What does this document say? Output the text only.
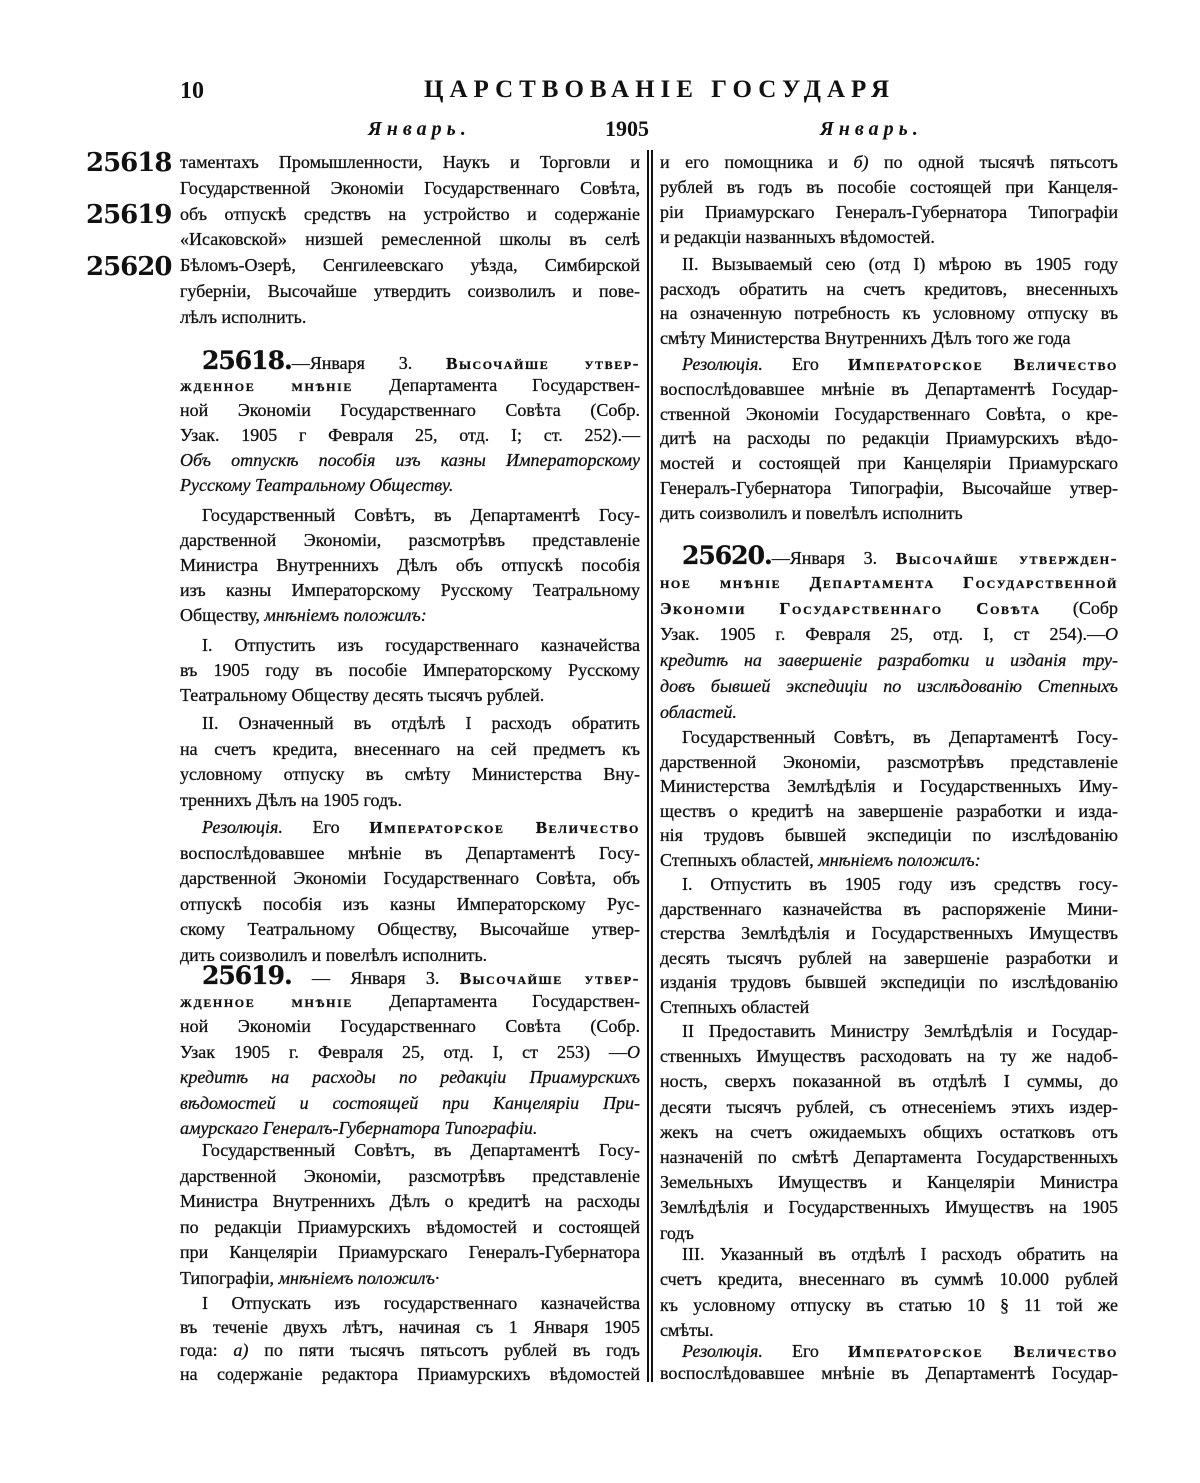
10	ЦАРСТВОВАНІЕ ГОСУДАРЯ
Январь.	1905	Январь.
25618
25619
25620
таментахъ Промышленности, Наукъ и Торговли и
Государственной Экономіи Государственнаго Совѣта,
объ отпускѣ средствъ на устройство и содержаніе
«Исаковской» низшей ремесленной школы въ селѣ
Бѣломъ-Озерѣ, Сенгилеевскаго уѣзда, Симбирской
губерніи, Высочайше утвердить соизволилъ и пове-
лѣлъ исполнить.
25618.—Января 3. Высочайше утвер-
жденное мнѣніе Департамента Государствен-
ной Экономіи Государственнаго Совѣта (Собр.
Узак. 1905 г Февраля 25, отд. I; ст. 252).—
Объ отпускѣ пособія изъ казны Императорскому
Русскому Театральному Обществу.
Государственный Совѣтъ, въ Департаментѣ Госу-
дарственной Экономіи, разсмотрѣвъ представленіе
Министра Внутреннихъ Дѣлъ объ отпускѣ пособія
изъ казны Императорскому Русскому Театральному
Обществу, мнѣніемъ положилъ:
I. Отпустить изъ государственнаго казначейства
въ 1905 году въ пособіе Императорскому Русскому
Театральному Обществу десять тысячъ рублей.
II. Означенный въ отдѣлѣ I расходъ обратить
на счетъ кредита, внесеннаго на сей предметъ къ
условному отпуску въ смѣту Министерства Вну-
треннихъ Дѣлъ на 1905 годъ.
Резолюція. Его Императорское Величество
воспослѣдовавшее мнѣніе въ Департаментѣ Госу-
дарственной Экономіи Государственнаго Совѣта, объ
отпускѣ пособія изъ казны Императорскому Рус-
скому Театральному Обществу, Высочайше утвер-
дить соизволилъ и повелѣлъ исполнить.
25619. — Января 3. Высочайше утвер-
жденное мнѣніе Департамента Государствен-
ной Экономіи Государственнаго Совѣта (Собр.
Узак 1905 г. Февраля 25, отд. I, ст 253) —О
кредитѣ на расходы по редакціи Приамурскихъ
вѣдомостей и состоящей при Канцеляріи При-
амурскаго Генералъ-Губернатора Типографіи.
Государственный Совѣтъ, въ Департаментѣ Госу-
дарственной Экономіи, разсмотрѣвъ представленіе
Министра Внутреннихъ Дѣлъ о кредитѣ на расходы
по редакціи Приамурскихъ вѣдомостей и состоящей
при Канцеляріи Приамурскаго Генералъ-Губернатора
Типографіи, мнѣніемъ положилъ·
I Отпускать изъ государственнаго казначейства
въ теченіе двухъ лѣтъ, начиная съ 1 Января 1905
года: а) по пяти тысячъ пятьсотъ рублей въ годъ
на содержаніе редактора Приамурскихъ вѣдомостей
и его помощника и б) по одной тысячѣ пятьсотъ
рублей въ годъ въ пособіе состоящей при Канцеля-
ріи Приамурскаго Генералъ-Губернатора Типографіи
и редакціи названныхъ вѣдомостей.
II. Вызываемый сею (отд I) мѣрою въ 1905 году
расходъ обратить на счетъ кредитовъ, внесенныхъ
на означенную потребность къ условному отпуску въ
смѣту Министерства Внутреннихъ Дѣлъ того же года
Резолюція. Его Императорское Величество
воспослѣдовавшее мнѣніе въ Департаментѣ Государ-
ственной Экономіи Государственнаго Совѣта, о кре-
дитѣ на расходы по редакціи Приамурскихъ вѣдо-
мостей и состоящей при Канцеляріи Приамурскаго
Генералъ-Губернатора Типографіи, Высочайше утвер-
дить соизволилъ и повелѣлъ исполнить
25620.—Января 3. Высочайше утвержден-
ное мнѣніе Департамента Государственной
Экономіи Государственнаго Совѣта (Собр
Узак. 1905 г. Февраля 25, отд. I, ст 254).—О
кредитѣ на завершеніе разработки и изданія тру-
довъ бывшей экспедиціи по изслѣдованію Степныхъ
областей.
Государственный Совѣтъ, въ Департаментѣ Госу-
дарственной Экономіи, разсмотрѣвъ представленіе
Министерства Землѣдѣлія и Государственныхъ Иму-
ществъ о кредитѣ на завершеніе разработки и изда-
нія трудовъ бывшей экспедиціи по изслѣдованію
Степныхъ областей, мнѣніемъ положилъ:
I. Отпустить въ 1905 году изъ средствъ госу-
дарственнаго казначейства въ распоряженіе Мини-
стерства Землѣдѣлія и Государственныхъ Имуществъ
десять тысячъ рублей на завершеніе разработки и
изданія трудовъ бывшей экспедиціи по изслѣдованію
Степныхъ областей
II Предоставить Министру Землѣдѣлія и Государ-
ственныхъ Имуществъ расходовать на ту же надоб-
ность, сверхъ показанной въ отдѣлѣ I суммы, до
десяти тысячъ рублей, съ отнесеніемъ этихъ издер-
жекъ на счетъ ожидаемыхъ общихъ остатковъ отъ
назначеній по смѣтѣ Департамента Государственныхъ
Земельныхъ Имуществъ и Канцеляріи Министра
Землѣдѣлія и Государственныхъ Имуществъ на 1905
годъ
III. Указанный въ отдѣлѣ I расходъ обратить на
счетъ кредита, внесеннаго въ суммѣ 10.000 рублей
къ условному отпуску въ статью 10 § 11 той же
смѣты.
Резолюція. Его Императорское Величество
воспослѣдовавшее мнѣніе въ Департаментѣ Государ-
